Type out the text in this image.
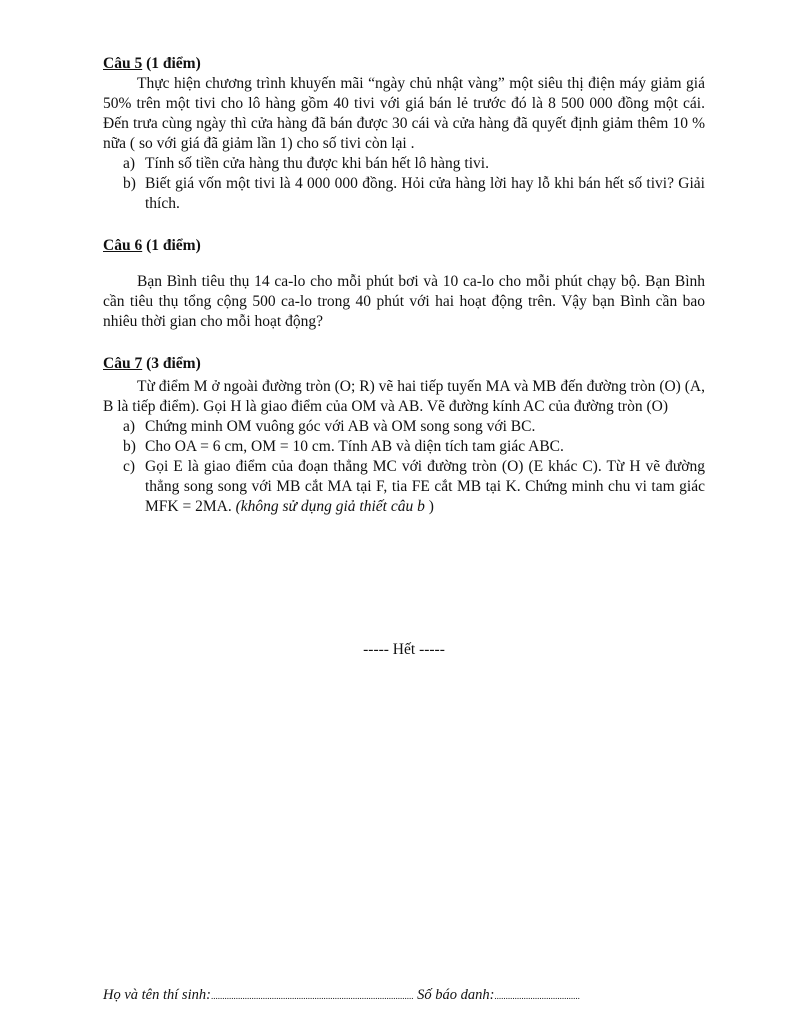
Câu 5 (1 điểm)

Thực hiện chương trình khuyến mãi “ngày chủ nhật vàng” một siêu thị điện máy giảm giá 50% trên một tivi cho lô hàng gồm 40 tivi với giá bán lẻ trước đó là 8 500 000 đồng một cái. Đến trưa cùng ngày thì cửa hàng đã bán được 30 cái và cửa hàng đã quyết định giảm thêm 10 % nữa ( so với giá đã giảm lần 1) cho số tivi còn lại .

a) Tính số tiền cửa hàng thu được khi bán hết lô hàng tivi.
b) Biết giá vốn một tivi là 4 000 000 đồng. Hỏi cửa hàng lời hay lỗ khi bán hết số tivi? Giải thích.

Câu 6 (1 điểm)

Bạn Bình tiêu thụ 14 ca-lo cho mỗi phút bơi và 10 ca-lo cho mỗi phút chạy bộ. Bạn Bình cần tiêu thụ tổng cộng 500 ca-lo trong 40 phút với hai hoạt động trên. Vậy bạn Bình cần bao nhiêu thời gian cho mỗi hoạt động?

Câu 7 (3 điểm)

Từ điểm M ở ngoài đường tròn (O; R) vẽ hai tiếp tuyến MA và MB đến đường tròn (O) (A, B là tiếp điểm). Gọi H là giao điểm của OM và AB. Vẽ đường kính AC của đường tròn (O)

a) Chứng minh OM vuông góc với AB và OM song song với BC.
b) Cho OA = 6 cm, OM = 10 cm. Tính AB và diện tích tam giác ABC.
c) Gọi E là giao điểm của đoạn thẳng MC với đường tròn (O) (E khác C). Từ H vẽ đường thẳng song song với MB cắt MA tại F, tia FE cắt MB tại K. Chứng minh chu vi tam giác MFK = 2MA. (không sử dụng giả thiết câu b )
----- Hết -----
Họ và tên thí sinh:.......................................................................................... Số báo danh:......................................
